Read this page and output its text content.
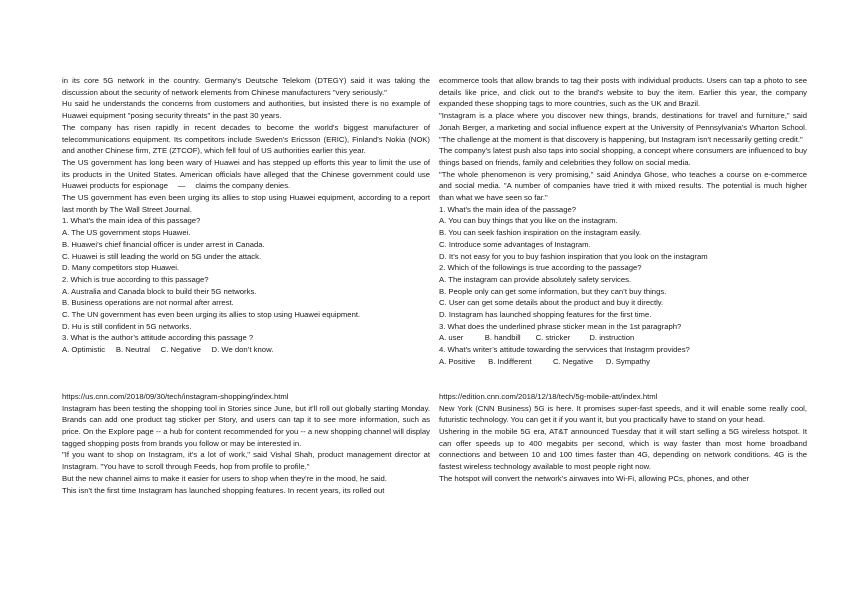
in its core 5G network in the country. Germany's Deutsche Telekom (DTEGY) said it was taking the discussion about the security of network elements from Chinese manufacturers "very seriously."

Hu said he understands the concerns from customers and authorities, but insisted there is no example of Huawei equipment "posing security threats" in the past 30 years.

The company has risen rapidly in recent decades to become the world's biggest manufacturer of telecommunications equipment. Its competitors include Sweden's Ericsson (ERIC), Finland's Nokia (NOK) and another Chinese firm, ZTE (ZTCOF), which fell foul of US authorities earlier this year.

The US government has long been wary of Huawei and has stepped up efforts this year to limit the use of its products in the United States. American officials have alleged that the Chinese government could use Huawei products for espionage 　—　 claims the company denies.

The US government has even been urging its allies to stop using Huawei equipment, according to a report last month by The Wall Street Journal.

1. What’s the main idea of this passage?

A. The US government stops Huawei.

B. Huawei’s chief financial officer is under arrest in Canada.

C. Huawei is still leading the world on 5G under the attack.

D. Many competitors stop Huawei.

2. Which is true according to this passage?

A. Australia and Canada block to build their 5G networks.

B. Business operations are not normal after arrest.

C. The UN government has even been urging its allies to stop using Huawei equipment.

D. Hu is still confident in 5G networks.

3. What is the author’s attitude according this passage ?

A. Optimistic     B. Neutral     C. Negative     D. We don’t know.

https://us.cnn.com/2018/09/30/tech/instagram-shopping/index.html

Instagram has been testing the shopping tool in Stories since June, but it'll roll out globally starting Monday. Brands can add one product tag sticker per Story, and users can tap it to see more information, such as price. On the Explore page -- a hub for content recommended for you -- a new shopping channel will display tagged shopping posts from brands you follow or may be interested in.

"If you want to shop on Instagram, it's a lot of work," said Vishal Shah, product management director at Instagram. "You have to scroll through Feeds, hop from profile to profile."

But the new channel aims to make it easier for users to shop when they're in the mood, he said.

This isn't the first time Instagram has launched shopping features. In recent years, its rolled out

ecommerce tools that allow brands to tag their posts with individual products. Users can tap a photo to see details like price, and click out to the brand's website to buy the item. Earlier this year, the company expanded these shopping tags to more countries, such as the UK and Brazil.

"Instagram is a place where you discover new things, brands, destinations for travel and furniture," said Jonah Berger, a marketing and social influence expert at the University of Pennsylvania's Wharton School. "The challenge at the moment is that discovery is happening, but Instagram isn't necessarily getting credit."

The company's latest push also taps into social shopping, a concept where consumers are influenced to buy things based on friends, family and celebrities they follow on social media.

"The whole phenomenon is very promising," said Anindya Ghose, who teaches a course on e-commerce and social media. "A number of companies have tried it with mixed results. The potential is much higher than what we have seen so far."

1. What’s the main idea of the passage?

A. You can buy things that you like on the instagram.

B. You can seek fashion inspiration on the instagram easily.

C. Introduce some advantages of Instagram.

D. It’s not easy for you to buy fashion inspiration that you look on the instagram

2. Which of the followings is true according to the passage?

A. The instagram can provide absolutely safety services.

B. People only can get some information, but they can’t buy things.

C. User can get some details about the product and buy it directly.

D. Instagram has launched shopping features for the first time.

3. What does the underlined phrase sticker mean in the 1st paragraph?

A. user          B. handbill       C. stricker         D. instruction

4. What’s writer’s attitude towarding the servvices that Instagrm provides?

A. Positive      B. Indifferent          C. Negative      D. Sympathy

https://edition.cnn.com/2018/12/18/tech/5g-mobile-att/index.html

New York (CNN Business) 5G is here. It promises super-fast speeds, and it will enable some really cool, futuristic technology. You can get it if you want it, but you practically have to stand on your head.

Ushering in the mobile 5G era, AT&T announced Tuesday that it will start selling a 5G wireless hotspot. It can offer speeds up to 400 megabits per second, which is way faster than most home broadband connections and between 10 and 100 times faster than 4G, depending on network conditions. 4G is the fastest wireless technology available to most people right now.

The hotspot will convert the network’s airwaves into Wi-Fi, allowing PCs, phones, and other
